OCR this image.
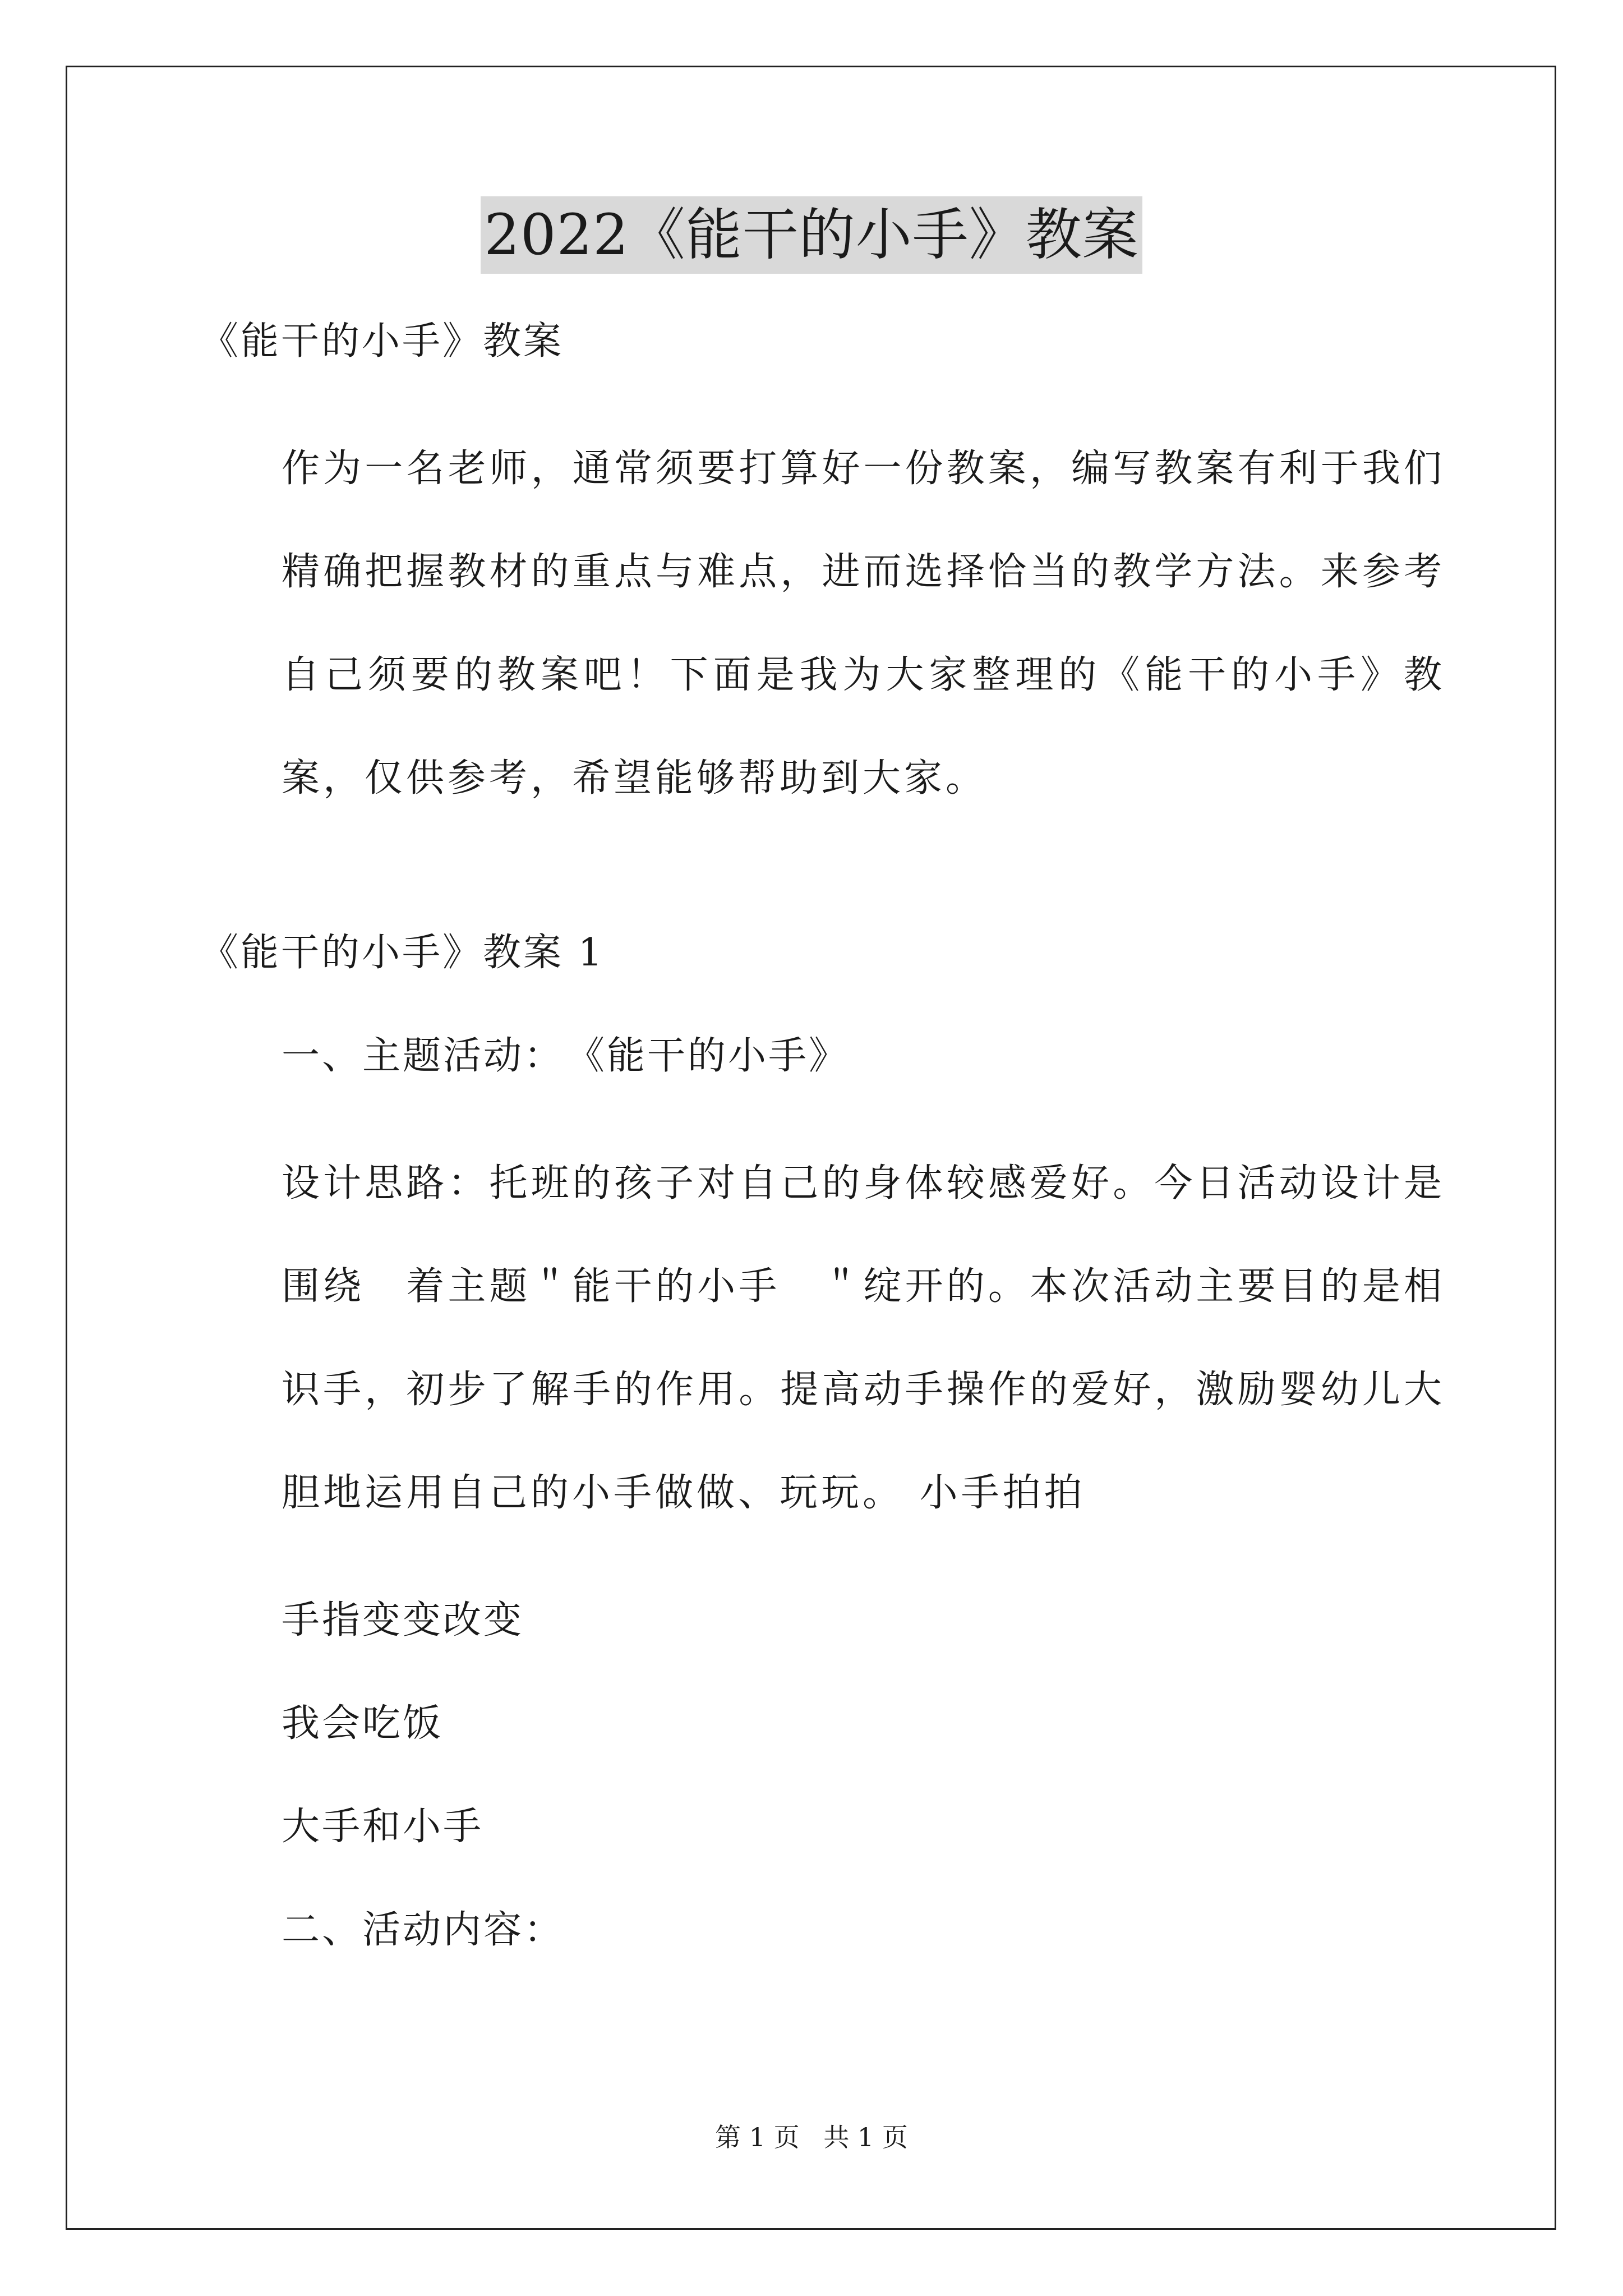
2022《能干的小手》教案

《能干的小手》教案

作为一名老师，通常须要打算好一份教案，编写教案有利于我们精确把握教材的重点与难点，进而选择恰当的教学方法。来参考自己须要的教案吧！下面是我为大家整理的《能干的小手》教案，仅供参考，希望能够帮助到大家。

《能干的小手》教案 1

一、主题活动：　《能干的小手》

设计思路：托班的孩子对自己的身体较感爱好。今日活动设计是围绕　着主题＂能干的小手　＂绽开的。本次活动主要目的是相识手，初步了解手的作用。提高动手操作的爱好，激励婴幼儿大胆地运用自己的小手做做、玩玩。 小手拍拍

手指变变改变

我会吃饭

大手和小手

二、活动内容：

第 1 页 共 1 页
